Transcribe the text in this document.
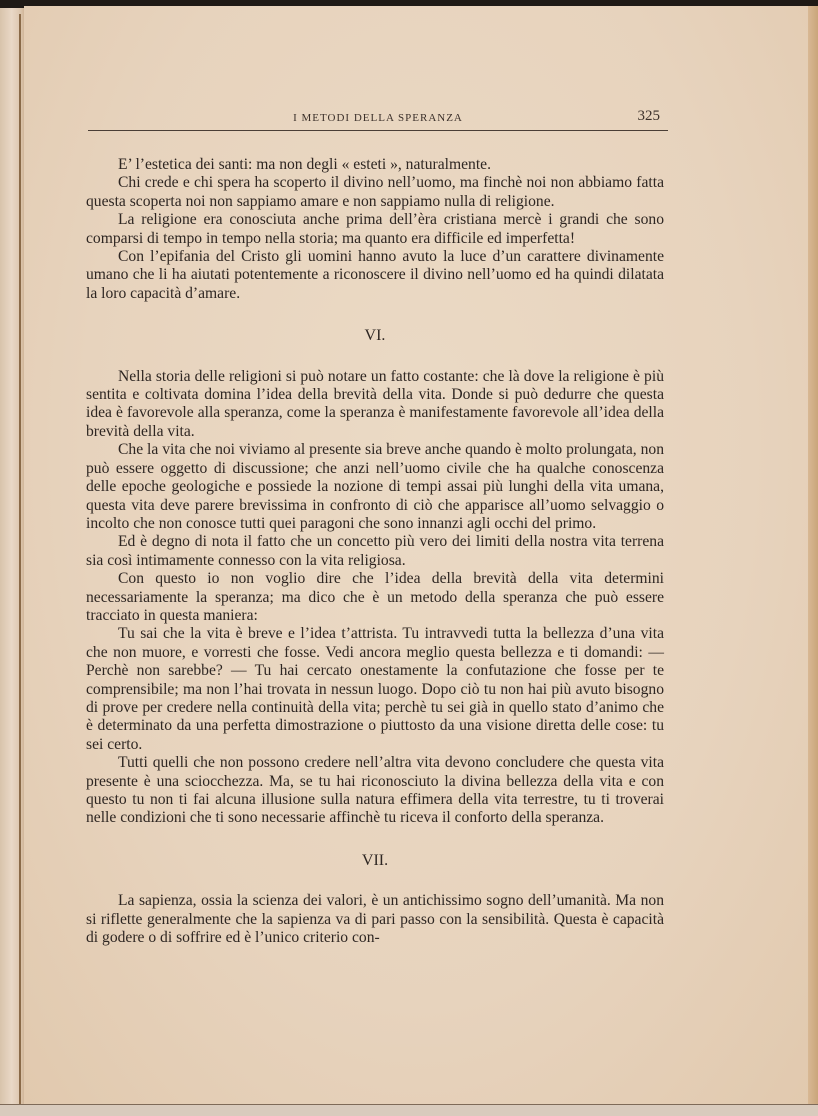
I METODI DELLA SPERANZA	325

E’ l’estetica dei santi: ma non degli « esteti », naturalmente.

Chi crede e chi spera ha scoperto il divino nell’uomo, ma finchè noi non abbiamo fatta questa scoperta noi non sappiamo amare e non sappiamo nulla di religione.

La religione era conosciuta anche prima dell’èra cristiana mercè i grandi che sono comparsi di tempo in tempo nella storia; ma quanto era difficile ed imperfetta!

Con l’epifania del Cristo gli uomini hanno avuto la luce d’un carattere divinamente umano che li ha aiutati potentemente a riconoscere il divino nell’uomo ed ha quindi dilatata la loro capacità d’amare.

VI.

Nella storia delle religioni si può notare un fatto costante: che là dove la religione è più sentita e coltivata domina l’idea della brevità della vita. Donde si può dedurre che questa idea è favorevole alla speranza, come la speranza è manifestamente favorevole all’idea della brevità della vita.

Che la vita che noi viviamo al presente sia breve anche quando è molto prolungata, non può essere oggetto di discussione; che anzi nell’uomo civile che ha qualche conoscenza delle epoche geologiche e possiede la nozione di tempi assai più lunghi della vita umana, questa vita deve parere brevissima in confronto di ciò che apparisce all’uomo selvaggio o incolto che non conosce tutti quei paragoni che sono innanzi agli occhi del primo.

Ed è degno di nota il fatto che un concetto più vero dei limiti della nostra vita terrena sia così intimamente connesso con la vita religiosa.

Con questo io non voglio dire che l’idea della brevità della vita determini necessariamente la speranza; ma dico che è un metodo della speranza che può essere tracciato in questa maniera:

Tu sai che la vita è breve e l’idea t’attrista. Tu intravvedi tutta la bellezza d’una vita che non muore, e vorresti che fosse. Vedi ancora meglio questa bellezza e ti domandi: — Perchè non sarebbe? — Tu hai cercato onestamente la confutazione che fosse per te comprensibile; ma non l’hai trovata in nessun luogo. Dopo ciò tu non hai più avuto bisogno di prove per credere nella continuità della vita; perchè tu sei già in quello stato d’animo che è determinato da una perfetta dimostrazione o piuttosto da una visione diretta delle cose: tu sei certo.

Tutti quelli che non possono credere nell’altra vita devono concludere che questa vita presente è una sciocchezza. Ma, se tu hai riconosciuto la divina bellezza della vita e con questo tu non ti fai alcuna illusione sulla natura effimera della vita terrestre, tu ti troverai nelle condizioni che ti sono necessarie affinchè tu riceva il conforto della speranza.

VII.

La sapienza, ossia la scienza dei valori, è un antichissimo sogno dell’umanità. Ma non si riflette generalmente che la sapienza va di pari passo con la sensibilità. Questa è capacità di godere o di soffrire ed è l’unico criterio con-
